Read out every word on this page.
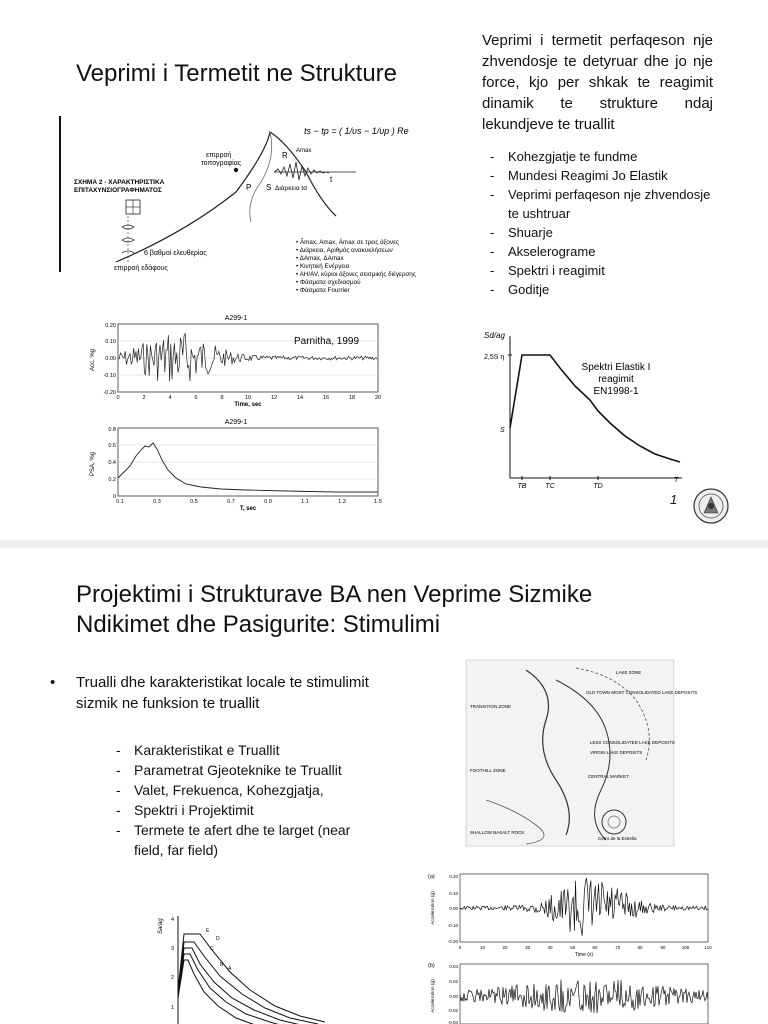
Veprimi i Termetit ne Strukture
Veprimi i termetit perfaqeson nje zhvendosje te detyruar dhe jo nje force, kjo per shkak te reagimit dinamik te strukture ndaj lekundjeve te truallit
- Kohezgjatje te fundme
- Mundesi Reagimi Jo Elastik
- Veprimi perfaqeson nje zhvendosje te ushtruar
- Shuarje
- Akselerograme
- Spektri i reagimit
- Goditje
ts − tp = ( 1/υs − 1/υp ) Re
επιρροή
τοπογραφίας
ΣΧΗΜΑ 2 - ΧΑΡΑΚΤΗΡΙΣΤΙΚΑ
ΕΠΙΤΑΧΥΝΣΙΟΓΡΑΦΗΜΑΤΟΣ
6 βαθμοί ελευθερίας
επιρροή εδάφους
R Αmax
P S Διάρκεια td
t
• Ãmax, Amax, Ámax σε τρεις άξονες
• Διάρκεια, Αριθμός ανακυκλήσεων
• ΔAmax, ΔAmax
• Κινητική Ενέργεια
• AH/AV, κύριοι άξονες σεισμικής διέγερσης
• Φάσματα σχεδιασμού
• Φάσματα Fourrier
A299-1
Parnitha, 1999
0.20
0.10
0.00
-0.10
-0.20
0	2	4	6	8	10	12	14	16	18	20
Time, sec
Acc. %g
A299-1
0.8
0.6
0.4
0.2
0
0.1	0.3	0.5	0.7	0.9	1.1	1.3	1.5
T, sec
PSA, %g
Sd/ag
2,5S η
S
TB	TC	TD
T
Spektri Elastik I
reagimit
EN1998-1
1
Projektimi i Strukturave BA nen Veprime Sizmike
Ndikimet dhe Pasigurite: Stimulimi
• Trualli dhe karakteristikat locale te stimulimit sizmik ne funksion te truallit
- Karakteristikat e Truallit
- Parametrat Gjeoteknike te Truallit
- Valet, Frekuenca, Kohezgjatja,
- Spektri i Projektimit
- Termete te afert dhe te larget (near field, far field)
TRANSITION ZONE
LAKE ZONE
OLD TOWN MOST CONSOLIDATED LAKE DEPOSITS
LESS CONSOLIDATED LAKE DEPOSITS
VIRGIN LAKE DEPOSITS
CENTRAL MARKET
FOOTHILL ZONE
SHALLOW BASALT ROCK
Cerro de la Estrella
(a)	0.20
0.10
0.00
-0.10
-0.20
0	10	20	30	40	50	60	70	80	90	100	110
Time (s)
Acceleration (g)
(b)	0.04
0.02
0.00
-0.02
-0.04
Acceleration (g)
Sa/ag 4
3
2
1
A
B
C
D
E
